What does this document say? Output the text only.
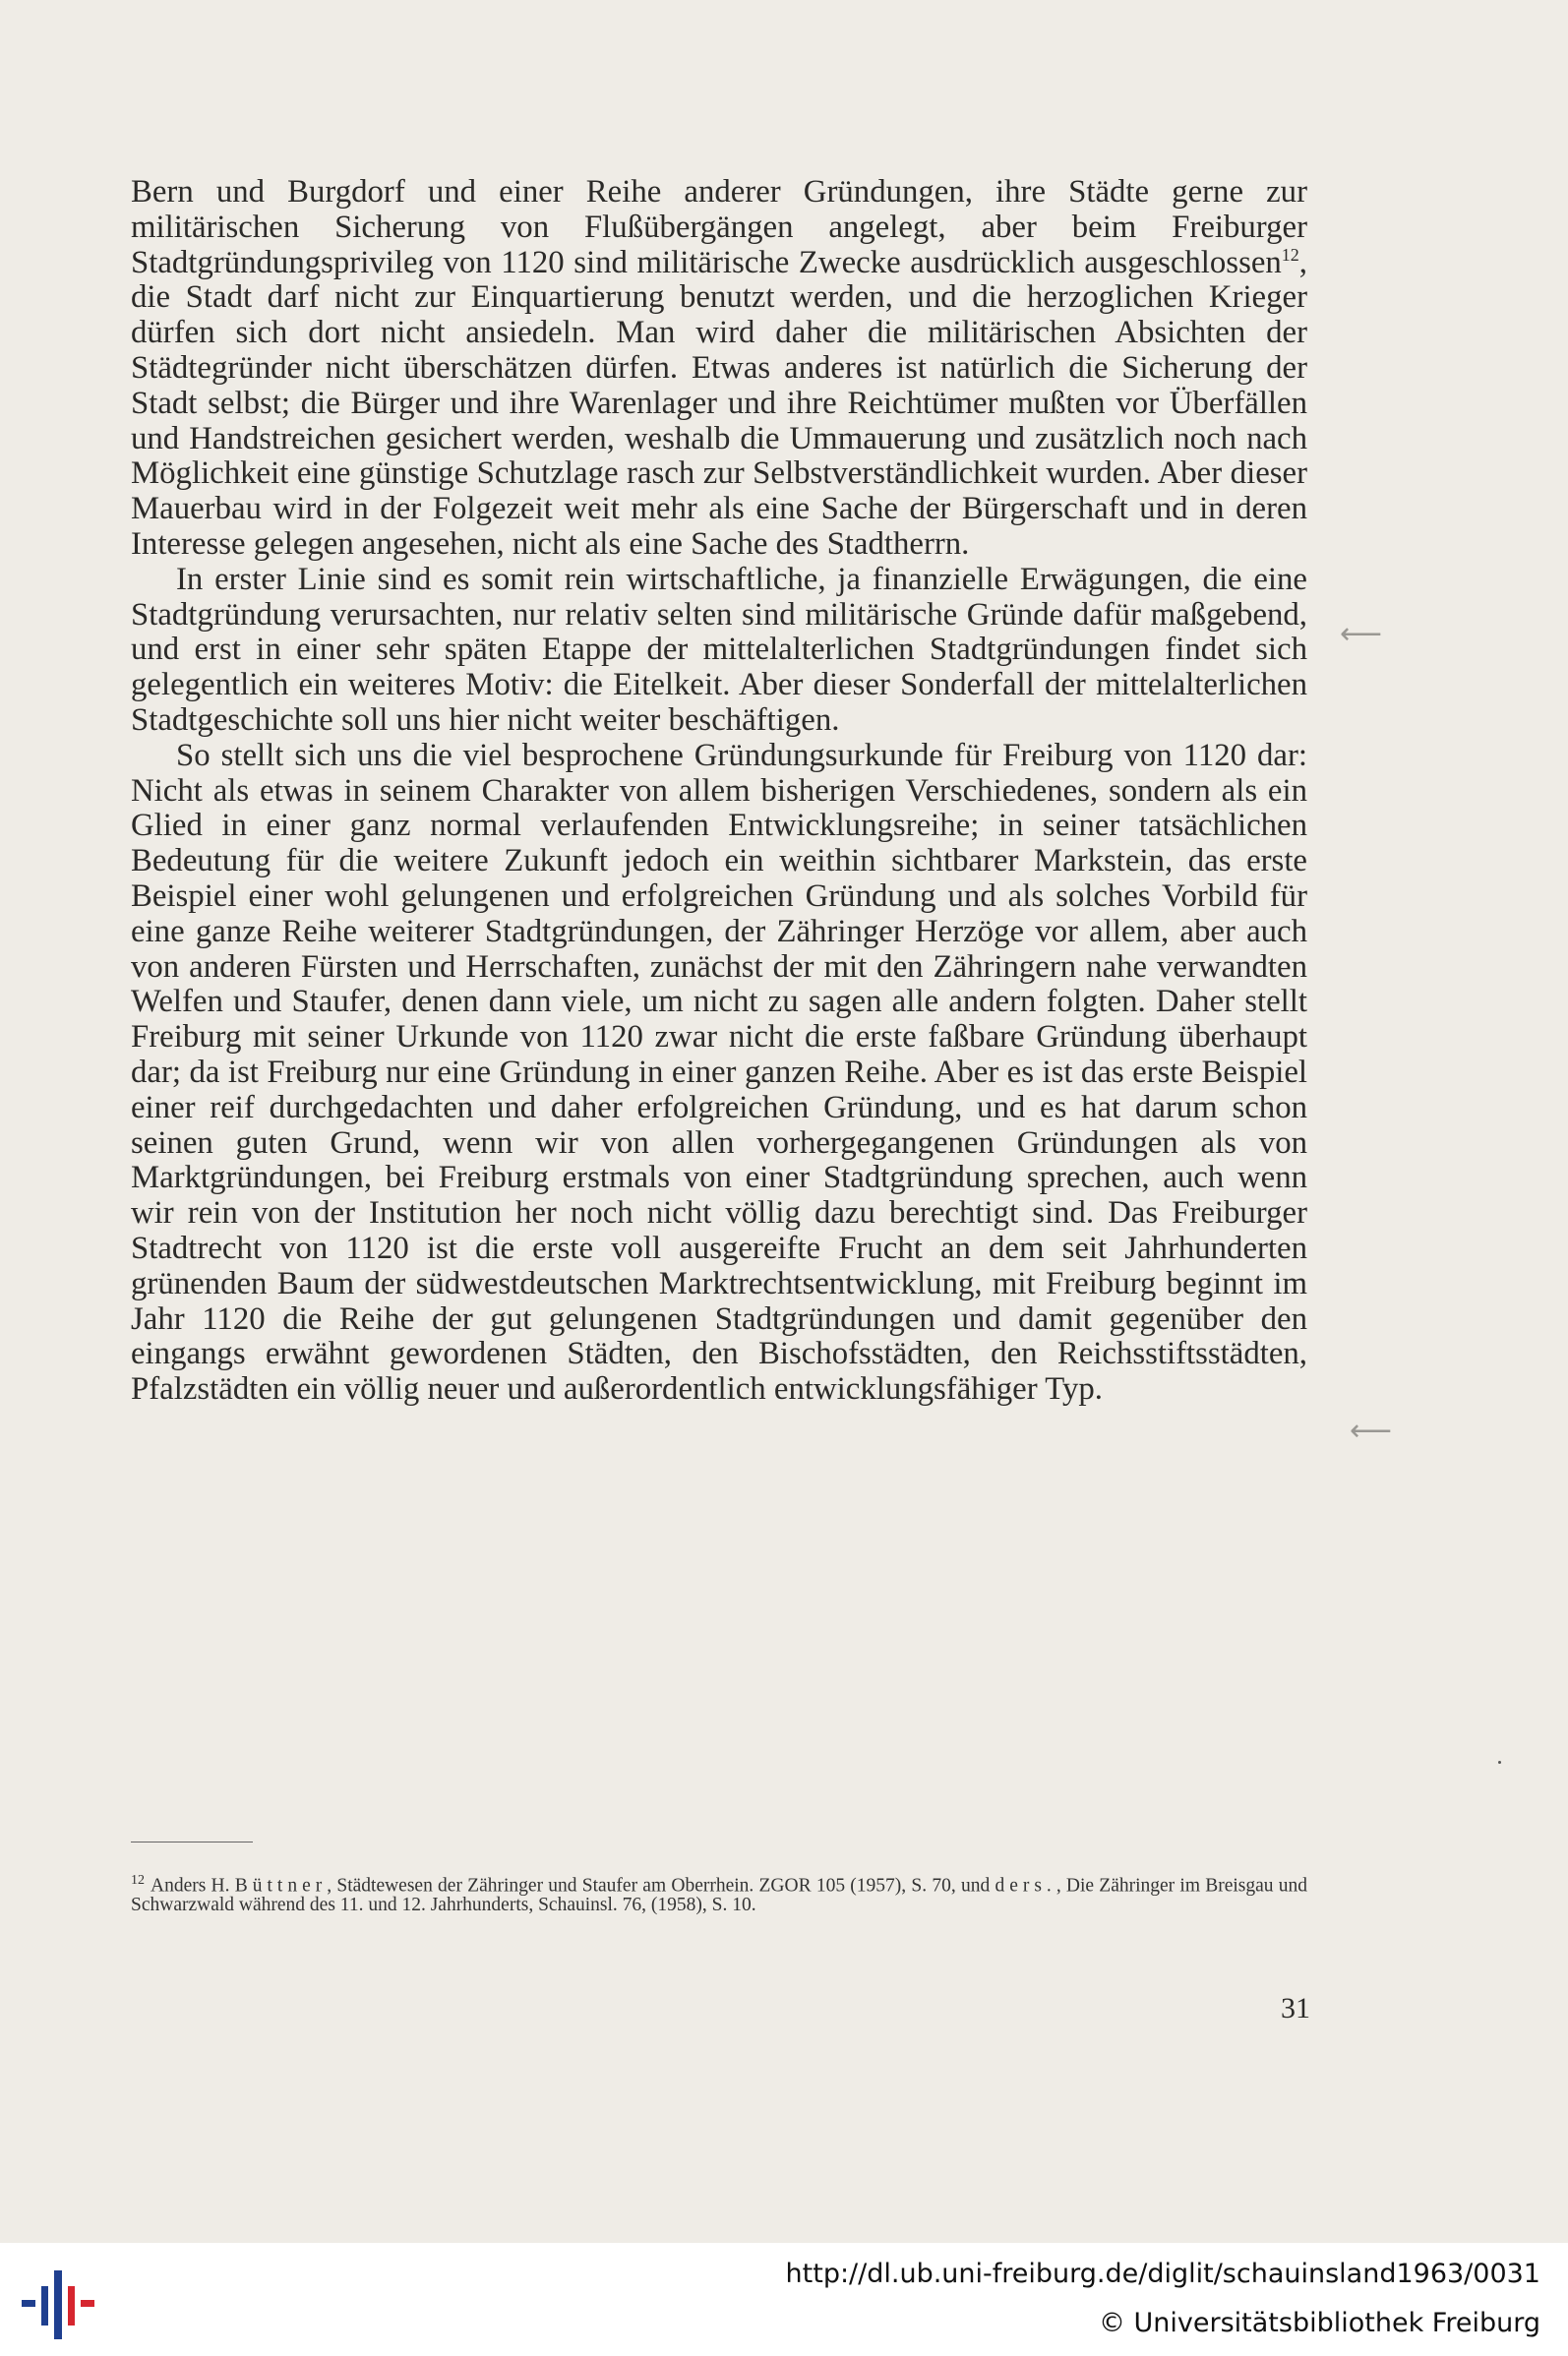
Bern und Burgdorf und einer Reihe anderer Gründungen, ihre Städte gerne zur militärischen Sicherung von Flußübergängen angelegt, aber beim Freiburger Stadtgründungsprivileg von 1120 sind militärische Zwecke ausdrücklich ausgeschlossen$^{12}$, die Stadt darf nicht zur Einquartierung benutzt werden, und die herzoglichen Krieger dürfen sich dort nicht ansiedeln. Man wird daher die militärischen Absichten der Städtegründer nicht überschätzen dürfen. Etwas anderes ist natürlich die Sicherung der Stadt selbst; die Bürger und ihre Warenlager und ihre Reichtümer mußten vor Überfällen und Handstreichen gesichert werden, weshalb die Ummauerung und zusätzlich noch nach Möglichkeit eine günstige Schutzlage rasch zur Selbstverständlichkeit wurden. Aber dieser Mauerbau wird in der Folgezeit weit mehr als eine Sache der Bürgerschaft und in deren Interesse gelegen angesehen, nicht als eine Sache des Stadtherrn.

In erster Linie sind es somit rein wirtschaftliche, ja finanzielle Erwägungen, die eine Stadtgründung verursachten, nur relativ selten sind militärische Gründe dafür maßgebend, und erst in einer sehr späten Etappe der mittelalterlichen Stadtgründungen findet sich gelegentlich ein weiteres Motiv: die Eitelkeit. Aber dieser Sonderfall der mittelalterlichen Stadtgeschichte soll uns hier nicht weiter beschäftigen.

So stellt sich uns die viel besprochene Gründungsurkunde für Freiburg von 1120 dar: Nicht als etwas in seinem Charakter von allem bisherigen Verschiedenes, sondern als ein Glied in einer ganz normal verlaufenden Entwicklungsreihe; in seiner tatsächlichen Bedeutung für die weitere Zukunft jedoch ein weithin sichtbarer Markstein, das erste Beispiel einer wohl gelungenen und erfolgreichen Gründung und als solches Vorbild für eine ganze Reihe weiterer Stadtgründungen, der Zähringer Herzöge vor allem, aber auch von anderen Fürsten und Herrschaften, zunächst der mit den Zähringern nahe verwandten Welfen und Staufer, denen dann viele, um nicht zu sagen alle andern folgten. Daher stellt Freiburg mit seiner Urkunde von 1120 zwar nicht die erste faßbare Gründung überhaupt dar; da ist Freiburg nur eine Gründung in einer ganzen Reihe. Aber es ist das erste Beispiel einer reif durchgedachten und daher erfolgreichen Gründung, und es hat darum schon seinen guten Grund, wenn wir von allen vorhergegangenen Gründungen als von Marktgründungen, bei Freiburg erstmals von einer Stadtgründung sprechen, auch wenn wir rein von der Institution her noch nicht völlig dazu berechtigt sind. Das Freiburger Stadtrecht von 1120 ist die erste voll ausgereifte Frucht an dem seit Jahrhunderten grünenden Baum der südwestdeutschen Marktrechtsentwicklung, mit Freiburg beginnt im Jahr 1120 die Reihe der gut gelungenen Stadtgründungen und damit gegenüber den eingangs erwähnt gewordenen Städten, den Bischofsstädten, den Reichsstiftsstädten, Pfalzstädten ein völlig neuer und außerordentlich entwicklungsfähiger Typ.

⟵
⟵
$^{12}$ Anders H. Büttner, Städtewesen der Zähringer und Staufer am Oberrhein. ZGOR 105 (1957), S. 70, und ders., Die Zähringer im Breisgau und Schwarzwald während des 11. und 12. Jahrhunderts, Schauinsl. 76, (1958), S. 10.
31
http://dl.ub.uni-freiburg.de/diglit/schauinsland1963/0031
© Universitätsbibliothek Freiburg
